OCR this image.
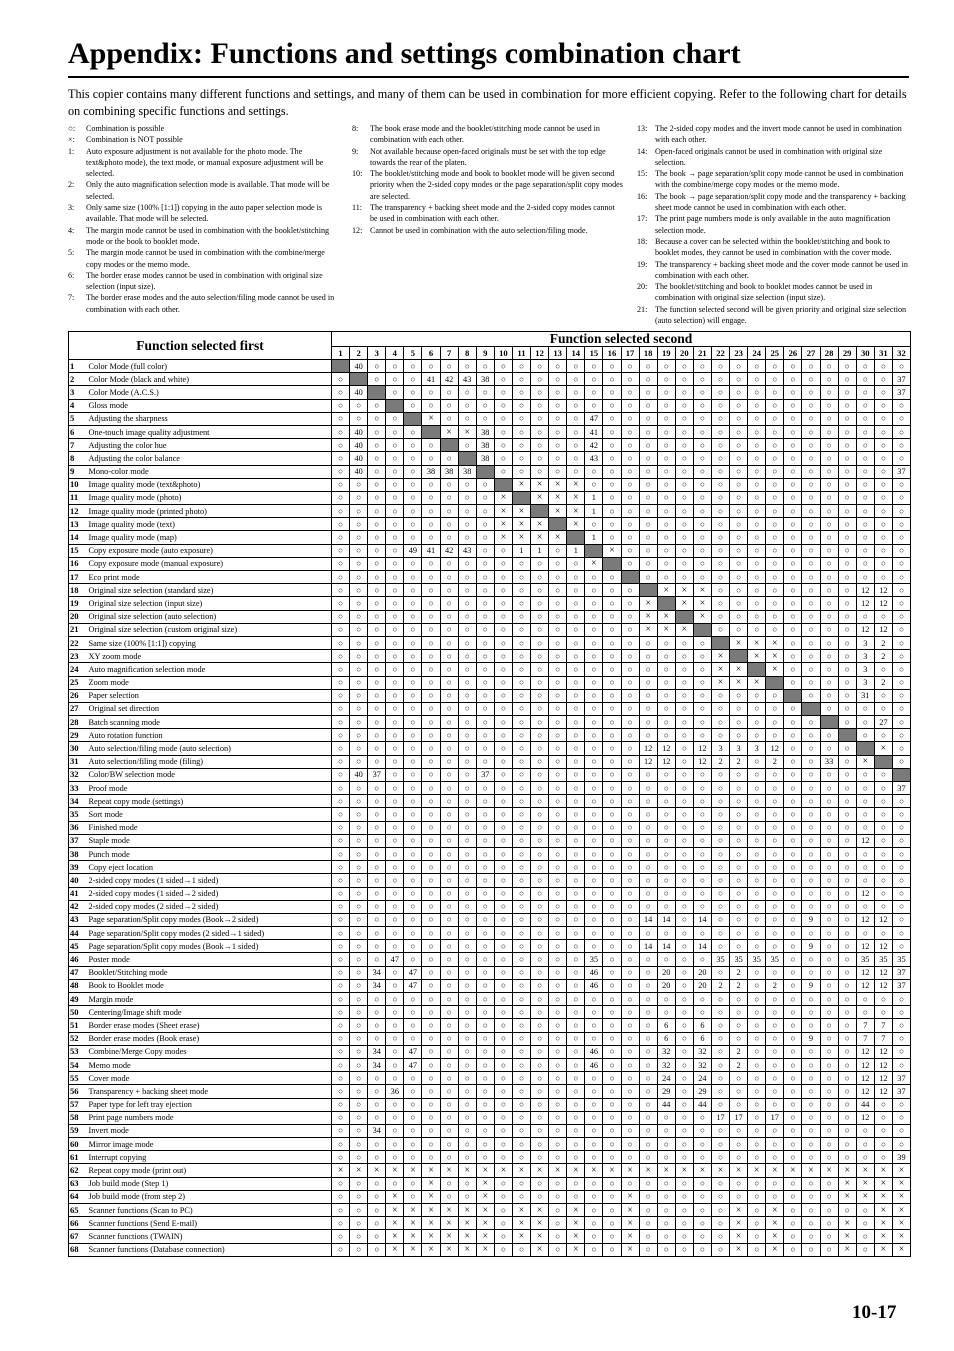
Appendix: Functions and settings combination chart

This copier contains many different functions and settings, and many of them can be used in combination for more efficient copying. Refer to the following chart for details on combining specific functions and settings.

○:	Combination is possible
×:	Combination is NOT possible
1:	Auto exposure adjustment is not available for the photo mode. The text&photo mode), the text mode, or manual exposure adjustment will be selected.
2:	Only the auto magnification selection mode is available. That mode will be selected.
3:	Only same size (100% [1:1]) copying in the auto paper selection mode is available. That mode will be selected.
4:	The margin mode cannot be used in combination with the booklet/stitching mode or the book to booklet mode.
5:	The margin mode cannot be used in combination with the combine/merge copy modes or the memo mode.
6:	The border erase modes cannot be used in combination with original size selection (input size).
7:	The border erase modes and the auto selection/filing mode cannot be used in combination with each other.
8:	The book erase mode and the booklet/stitching mode cannot be used in combination with each other.
9:	Not available because open-faced originals must be set with the top edge towards the rear of the platen.
10: The booklet/stitching mode and book to booklet mode will be given second priority when the 2-sided copy modes or the page separation/split copy modes are selected.
11: The transparency + backing sheet mode and the 2-sided copy modes cannot be used in combination with each other.
12: Cannot be used in combination with the auto selection/filing mode.
13: The 2-sided copy modes and the invert mode cannot be used in combination with each other.
14: Open-faced originals cannot be used in combination with original size selection.
15: The book → page separation/split copy mode cannot be used in combination with the combine/merge copy modes or the memo mode.
16: The book → page separation/split copy mode and the transparency + backing sheet mode cannot be used in combination with each other.
17: The print page numbers mode is only available in the auto magnification selection mode.
18: Because a cover can be selected within the booklet/stitching and book to booklet modes, they cannot be used in combination with the cover mode.
19: The transparency + backing sheet mode and the cover mode cannot be used in combination with each other.
20: The booklet/stitching and book to booklet modes cannot be used in combination with original size selection (input size).
21: The function selected second will be given priority and original size selection (auto selection) will engage.
Function selected first		Function selected second																															
		1	2	3	4	5	6	7	8	9	10	11	12	13	14	15	16	17	18	19	20	21	22	23	24	25	26	27	28	29	30	31	32
1	Color Mode (full color)		40	○	○	○	○	○	○	○	○	○	○	○	○	○	○	○	○	○	○	○	○	○	○	○	○	○	○	○	○	○	○
2	Color Mode (black and white)	○		○	○	○	41	42	43	38	○	○	○	○	○	○	○	○	○	○	○	○	○	○	○	○	○	○	○	○	○	○	37
3	Color Mode (A.C.S.)	○	40		○	○	○	○	○	○	○	○	○	○	○	○	○	○	○	○	○	○	○	○	○	○	○	○	○	○	○	○	37
4	Gloss mode	○	○	○		○	○	○	○	○	○	○	○	○	○	○	○	○	○	○	○	○	○	○	○	○	○	○	○	○	○	○	○
5	Adjusting the sharpness	○	○	○	○		×	○	○	○	○	○	○	○	○	47	○	○	○	○	○	○	○	○	○	○	○	○	○	○	○	○	○
6	One-touch image quality adjustment	○	40	○	○	○		×	×	38	○	○	○	○	○	41	○	○	○	○	○	○	○	○	○	○	○	○	○	○	○	○	○
7	Adjusting the color hue	○	40	○	○	○	○		○	38	○	○	○	○	○	42	○	○	○	○	○	○	○	○	○	○	○	○	○	○	○	○	○
8	Adjusting the color balance	○	40	○	○	○	○	○		38	○	○	○	○	○	43	○	○	○	○	○	○	○	○	○	○	○	○	○	○	○	○	○
9	Mono-color mode	○	40	○	○	○	38	38	38		○	○	○	○	○	○	○	○	○	○	○	○	○	○	○	○	○	○	○	○	○	○	37
10	Image quality mode (text&photo)	○	○	○	○	○	○	○	○	○		×	×	×	×	○	○	○	○	○	○	○	○	○	○	○	○	○	○	○	○	○	○
11	Image quality mode (photo)	○	○	○	○	○	○	○	○	○	×		×	×	×	1	○	○	○	○	○	○	○	○	○	○	○	○	○	○	○	○	○
12	Image quality mode (printed photo)	○	○	○	○	○	○	○	○	○	×	×		×	×	1	○	○	○	○	○	○	○	○	○	○	○	○	○	○	○	○	○
13	Image quality mode (text)	○	○	○	○	○	○	○	○	○	×	×	×		×	○	○	○	○	○	○	○	○	○	○	○	○	○	○	○	○	○	○
14	Image quality mode (map)	○	○	○	○	○	○	○	○	○	×	×	×	×		1	○	○	○	○	○	○	○	○	○	○	○	○	○	○	○	○	○
15	Copy exposure mode (auto exposure)	○	○	○	○	49	41	42	43	○	○	1	1	○	1		×	○	○	○	○	○	○	○	○	○	○	○	○	○	○	○	○
16	Copy exposure mode (manual exposure)	○	○	○	○	○	○	○	○	○	○	○	○	○	○	×		○	○	○	○	○	○	○	○	○	○	○	○	○	○	○	○
17	Eco print mode	○	○	○	○	○	○	○	○	○	○	○	○	○	○	○	○		○	○	○	○	○	○	○	○	○	○	○	○	○	○	○
18	Original size selection (standard size)	○	○	○	○	○	○	○	○	○	○	○	○	○	○	○	○	○		×	×	×	○	○	○	○	○	○	○	○	12	12	○
19	Original size selection (input size)	○	○	○	○	○	○	○	○	○	○	○	○	○	○	○	○	○	×		×	×	○	○	○	○	○	○	○	○	12	12	○
20	Original size selection (auto selection)	○	○	○	○	○	○	○	○	○	○	○	○	○	○	○	○	○	×	×		×	○	○	○	○	○	○	○	○	○	○	○
21	Original size selection (custom original size)	○	○	○	○	○	○	○	○	○	○	○	○	○	○	○	○	○	×	×	×		○	○	○	○	○	○	○	○	12	12	○
22	Same size (100% [1:1]) copying	○	○	○	○	○	○	○	○	○	○	○	○	○	○	○	○	○	○	○	○	○		×	×	×	○	○	○	○	3	2	○
23	XY zoom mode	○	○	○	○	○	○	○	○	○	○	○	○	○	○	○	○	○	○	○	○	○	×		×	×	○	○	○	○	3	2	○
24	Auto magnification selection mode	○	○	○	○	○	○	○	○	○	○	○	○	○	○	○	○	○	○	○	○	○	×	×		×	○	○	○	○	3	○	○
25	Zoom mode	○	○	○	○	○	○	○	○	○	○	○	○	○	○	○	○	○	○	○	○	○	×	×	×		○	○	○	○	3	2	○
26	Paper selection	○	○	○	○	○	○	○	○	○	○	○	○	○	○	○	○	○	○	○	○	○	○	○	○	○		○	○	○	31	○	○
27	Original set direction	○	○	○	○	○	○	○	○	○	○	○	○	○	○	○	○	○	○	○	○	○	○	○	○	○	○		○	○	○	○	○
28	Batch scanning mode	○	○	○	○	○	○	○	○	○	○	○	○	○	○	○	○	○	○	○	○	○	○	○	○	○	○	○		○	○	27	○
29	Auto rotation function	○	○	○	○	○	○	○	○	○	○	○	○	○	○	○	○	○	○	○	○	○	○	○	○	○	○	○	○		○	○	○
30	Auto selection/filing mode (auto selection)	○	○	○	○	○	○	○	○	○	○	○	○	○	○	○	○	○	12	12	○	12	3	3	3	12	○	○	○	○		×	○
31	Auto selection/filing mode (filing)	○	○	○	○	○	○	○	○	○	○	○	○	○	○	○	○	○	12	12	○	12	2	2	○	2	○	○	33	○	×		○
32	Color/BW selection mode	○	40	37	○	○	○	○	○	37	○	○	○	○	○	○	○	○	○	○	○	○	○	○	○	○	○	○	○	○	○	○	
33	Proof mode	○	○	○	○	○	○	○	○	○	○	○	○	○	○	○	○	○	○	○	○	○	○	○	○	○	○	○	○	○	○	○	37
34	Repeat copy mode (settings)	○	○	○	○	○	○	○	○	○	○	○	○	○	○	○	○	○	○	○	○	○	○	○	○	○	○	○	○	○	○	○	○
35	Sort mode	○	○	○	○	○	○	○	○	○	○	○	○	○	○	○	○	○	○	○	○	○	○	○	○	○	○	○	○	○	○	○	○
36	Finished mode	○	○	○	○	○	○	○	○	○	○	○	○	○	○	○	○	○	○	○	○	○	○	○	○	○	○	○	○	○	○	○	○
37	Staple mode	○	○	○	○	○	○	○	○	○	○	○	○	○	○	○	○	○	○	○	○	○	○	○	○	○	○	○	○	○	12	○	○
38	Punch mode	○	○	○	○	○	○	○	○	○	○	○	○	○	○	○	○	○	○	○	○	○	○	○	○	○	○	○	○	○	○	○	○
39	Copy eject location	○	○	○	○	○	○	○	○	○	○	○	○	○	○	○	○	○	○	○	○	○	○	○	○	○	○	○	○	○	○	○	○
40	2-sided copy modes (1 sided→1 sided)	○	○	○	○	○	○	○	○	○	○	○	○	○	○	○	○	○	○	○	○	○	○	○	○	○	○	○	○	○	○	○	○
41	2-sided copy modes (1 sided→2 sided)	○	○	○	○	○	○	○	○	○	○	○	○	○	○	○	○	○	○	○	○	○	○	○	○	○	○	○	○	○	12	○	○
42	2-sided copy modes (2 sided→2 sided)	○	○	○	○	○	○	○	○	○	○	○	○	○	○	○	○	○	○	○	○	○	○	○	○	○	○	○	○	○	○	○	○
43	Page separation/Split copy modes (Book→2 sided)	○	○	○	○	○	○	○	○	○	○	○	○	○	○	○	○	○	14	14	○	14	○	○	○	○	○	9	○	○	12	12	○
44	Page separation/Split copy modes (2 sided→1 sided)	○	○	○	○	○	○	○	○	○	○	○	○	○	○	○	○	○	○	○	○	○	○	○	○	○	○	○	○	○	○	○	○
45	Page separation/Split copy modes (Book→1 sided)	○	○	○	○	○	○	○	○	○	○	○	○	○	○	○	○	○	14	14	○	14	○	○	○	○	○	9	○	○	12	12	○
46	Poster mode	○	○	○	47	○	○	○	○	○	○	○	○	○	○	35	○	○	○	○	○	○	35	35	35	35	○	○	○	○	35	35	35
47	Booklet/Stitching mode	○	○	34	○	47	○	○	○	○	○	○	○	○	○	46	○	○	○	20	○	20	○	2	○	○	○	○	○	○	12	12	37
48	Book to Booklet mode	○	○	34	○	47	○	○	○	○	○	○	○	○	○	46	○	○	○	20	○	20	2	2	○	2	○	9	○	○	12	12	37
49	Margin mode	○	○	○	○	○	○	○	○	○	○	○	○	○	○	○	○	○	○	○	○	○	○	○	○	○	○	○	○	○	○	○	○
50	Centering/Image shift mode	○	○	○	○	○	○	○	○	○	○	○	○	○	○	○	○	○	○	○	○	○	○	○	○	○	○	○	○	○	○	○	○
51	Border erase modes (Sheet erase)	○	○	○	○	○	○	○	○	○	○	○	○	○	○	○	○	○	○	6	○	6	○	○	○	○	○	○	○	○	7	7	○
52	Border erase modes (Book erase)	○	○	○	○	○	○	○	○	○	○	○	○	○	○	○	○	○	○	6	○	6	○	○	○	○	○	9	○	○	7	7	○
53	Combine/Merge Copy modes	○	○	34	○	47	○	○	○	○	○	○	○	○	○	46	○	○	○	32	○	32	○	2	○	○	○	○	○	○	12	12	○
54	Memo mode	○	○	34	○	47	○	○	○	○	○	○	○	○	○	46	○	○	○	32	○	32	○	2	○	○	○	○	○	○	12	12	○
55	Cover mode	○	○	○	○	○	○	○	○	○	○	○	○	○	○	○	○	○	○	24	○	24	○	○	○	○	○	○	○	○	12	12	37
56	Transparency + backing sheet mode	○	○	○	36	○	○	○	○	○	○	○	○	○	○	○	○	○	○	29	○	29	○	○	○	○	○	○	○	○	12	12	37
57	Paper type for left tray ejection	○	○	○	○	○	○	○	○	○	○	○	○	○	○	○	○	○	○	44	○	44	○	○	○	○	○	○	○	○	44	○	○
58	Print page numbers mode	○	○	○	○	○	○	○	○	○	○	○	○	○	○	○	○	○	○	○	○	○	17	17	○	17	○	○	○	○	12	○	○
59	Invert mode	○	○	34	○	○	○	○	○	○	○	○	○	○	○	○	○	○	○	○	○	○	○	○	○	○	○	○	○	○	○	○	○
60	Mirror image mode	○	○	○	○	○	○	○	○	○	○	○	○	○	○	○	○	○	○	○	○	○	○	○	○	○	○	○	○	○	○	○	○
61	Interrupt copying	○	○	○	○	○	○	○	○	○	○	○	○	○	○	○	○	○	○	○	○	○	○	○	○	○	○	○	○	○	○	○	39
62	Repeat copy mode (print out)	×	×	×	×	×	×	×	×	×	×	×	×	×	×	×	×	×	×	×	×	×	×	×	×	×	×	×	×	×	×	×	×
63	Job build mode (Step 1)	○	○	○	○	○	×	○	○	×	○	○	○	○	○	○	○	○	○	○	○	○	○	○	○	○	○	○	○	×	×	×	×
64	Job build mode (from step 2)	○	○	○	×	○	×	○	○	×	○	○	○	○	○	○	○	×	○	○	○	○	○	○	○	○	○	○	○	×	×	×	×
65	Scanner functions (Scan to PC)	○	○	○	×	×	×	×	×	×	○	×	×	○	×	○	○	×	○	○	○	○	○	×	○	×	○	○	○	○	○	×	×
66	Scanner functions (Send E-mail)	○	○	○	×	×	×	×	×	×	○	×	×	○	×	○	○	×	○	○	○	○	○	×	○	×	○	○	○	×	○	×	×
67	Scanner functions (TWAIN)	○	○	○	×	×	×	×	×	×	○	×	×	○	×	○	○	×	○	○	○	○	○	×	○	×	○	○	○	×	○	×	×
68	Scanner functions (Database connection)	○	○	○	×	×	×	×	×	×	○	○	×	○	×	○	○	×	○	○	○	○	○	×	○	×	○	○	○	×	○	×	×
10-17
